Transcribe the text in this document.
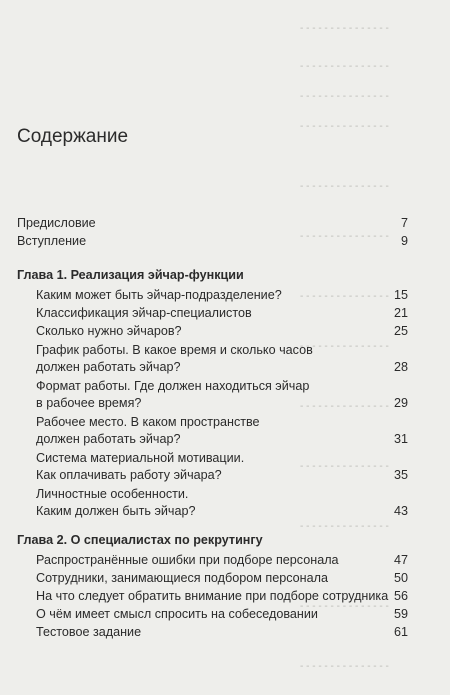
- - - - - - - - - - - - - - -
- - - - - - - - - - - - - - -
- - - - - - - - - - - - - - -
- - - - - - - - - - - - - - -
- - - - - - - - - - - - - - -
- - - - - - - - - - - - - - -
- - - - - - - - - - - - - - -
- - - - - - - - - - - - - - -
- - - - - - - - - - - - - - -
- - - - - - - - - - - - - - -
- - - - - - - - - - - - - - -
- - - - - - - - - - - - - - -
- - - - - - - - - - - - - - -
Содержание
Предисловие	7
Вступление	9
Глава 1. Реализация эйчар-функции
Каким может быть эйчар-подразделение?	15
Классификация эйчар-специалистов	21
Сколько нужно эйчаров?	25
График работы. В какое время и сколько часов
должен работать эйчар?	28
Формат работы. Где должен находиться эйчар
в рабочее время?	29
Рабочее место. В каком пространстве
должен работать эйчар?	31
Система материальной мотивации.
Как оплачивать работу эйчара?	35
Личностные особенности.
Каким должен быть эйчар?	43
Глава 2. О специалистах по рекрутингу
Распространённые ошибки при подборе персонала	47
Сотрудники, занимающиеся подбором персонала	50
На что следует обратить внимание при подборе сотрудника 56
О чём имеет смысл спросить на собеседовании	59
Тестовое задание	61
